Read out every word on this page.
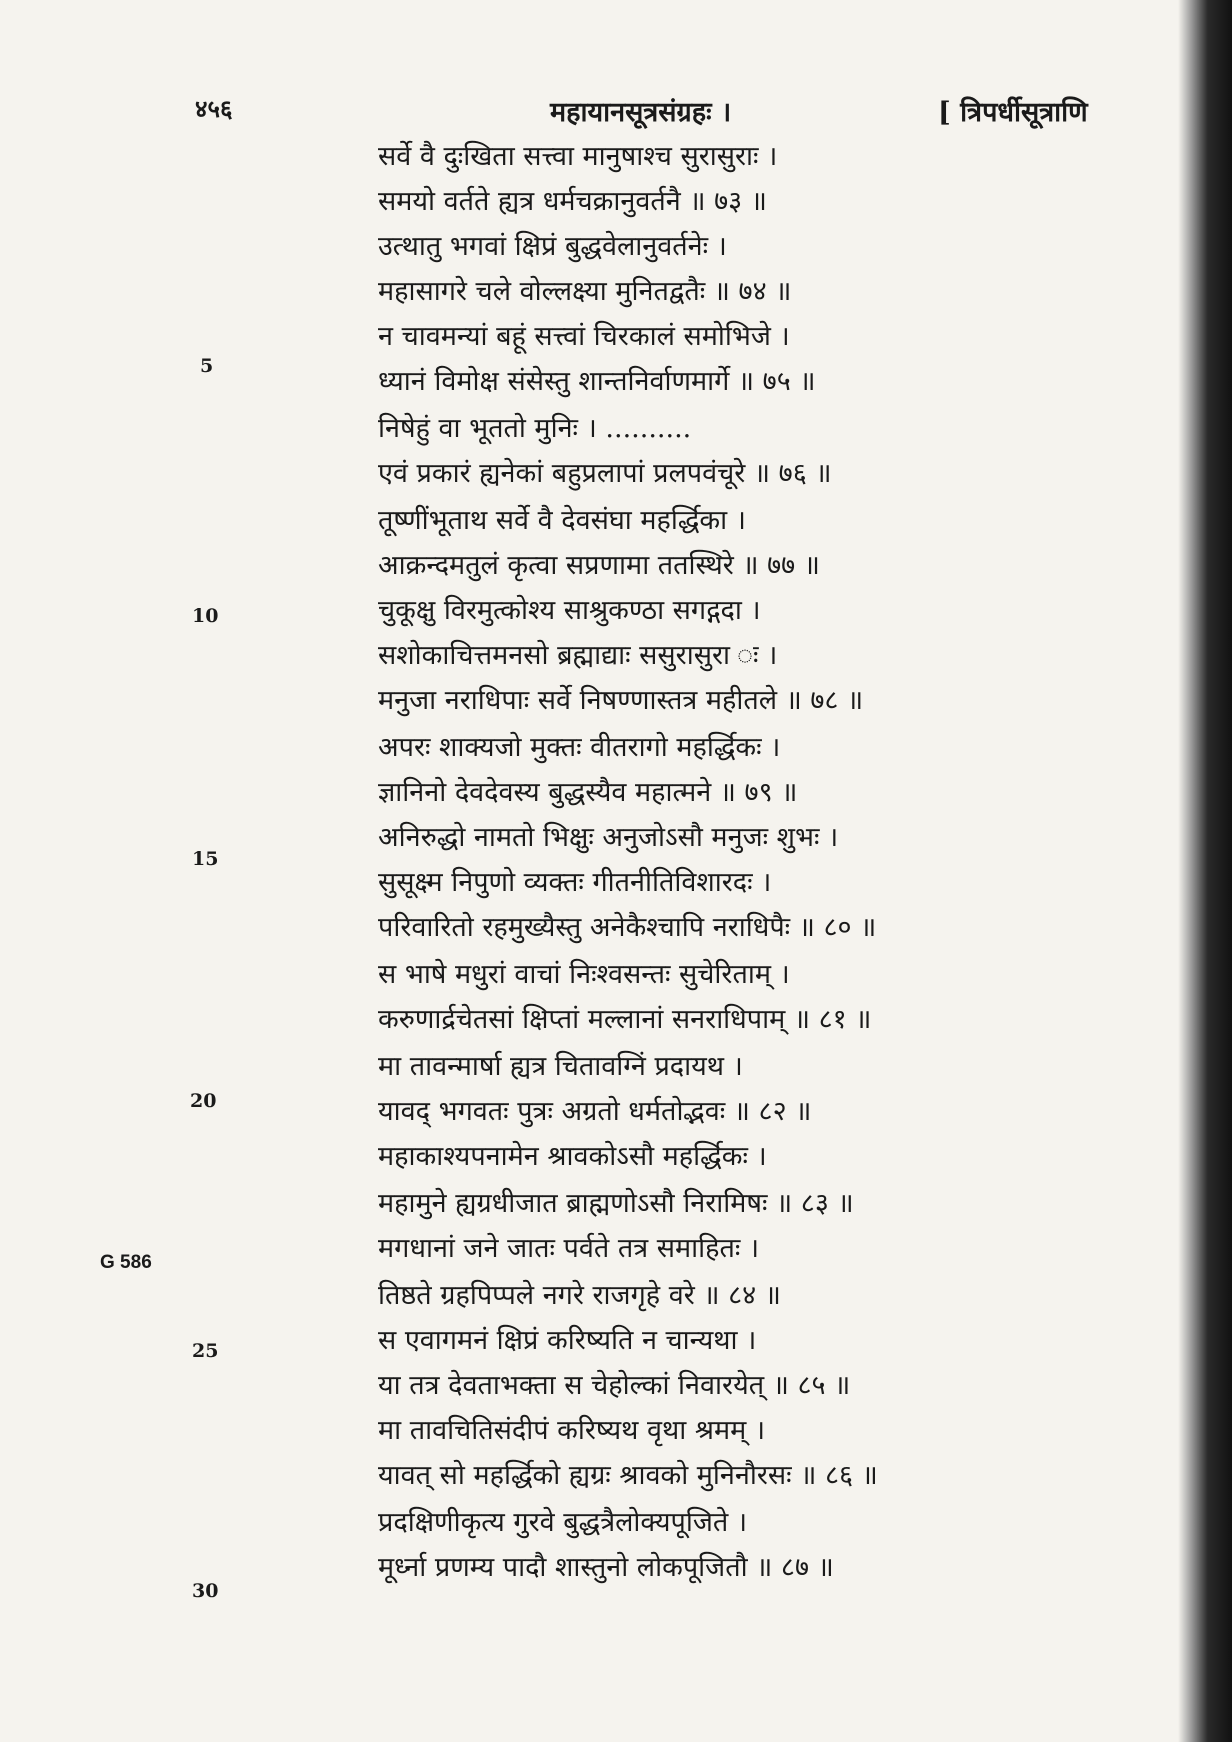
४५६	महायानसूत्रसंग्रहः ।	[ त्रिपर्धीसूत्राणि
सर्वे वै दुःखिता सत्त्वा मानुषाश्च सुरासुराः ।
समयो वर्तते ह्यत्र धर्मचक्रानुवर्तनै ॥ ७३ ॥
उत्थातु भगवां क्षिप्रं बुद्धवेलानुवर्तनेः ।
महासागरे चले वोल्लक्ष्या मुनितद्वतैः ॥ ७४ ॥
न चावमन्यां बहूं सत्त्वां चिरकालं समोभिजे ।
ध्यानं विमोक्ष संसेस्तु शान्तनिर्वाणमार्गे ॥ ७५ ॥
निषेहुं वा भूततो मुनिः । ..........
एवं प्रकारं ह्यनेकां बहुप्रलापां प्रलपवंचूरे ॥ ७६ ॥
तूष्णींभूताथ सर्वे वै देवसंघा महर्द्धिका ।
आक्रन्दमतुलं कृत्वा सप्रणामा ततस्थिरे ॥ ७७ ॥
चुकूक्षु विरमुत्कोश्य साश्रुकण्ठा सगद्गदा ।
सशोकाचित्तमनसो ब्रह्माद्याः ससुरासुरा ः ।
मनुजा नराधिपाः सर्वे निषण्णास्तत्र महीतले ॥ ७८ ॥
अपरः शाक्यजो मुक्तः वीतरागो महर्द्धिकः ।
ज्ञानिनो देवदेवस्य बुद्धस्यैव महात्मने ॥ ७९ ॥
अनिरुद्धो नामतो भिक्षुः अनुजोऽसौ मनुजः शुभः ।
सुसूक्ष्म निपुणो व्यक्तः गीतनीतिविशारदः ।
परिवारितो रहमुख्यैस्तु अनेकैश्चापि नराधिपैः ॥ ८० ॥
स भाषे मधुरां वाचां निःश्वसन्तः सुचेरिताम् ।
करुणार्द्रचेतसां क्षिप्तां मल्लानां सनराधिपाम् ॥ ८१ ॥
मा तावन्मार्षा ह्यत्र चितावग्निं प्रदायथ ।
यावद् भगवतः पुत्रः अग्रतो धर्मतोद्भवः ॥ ८२ ॥
महाकाश्यपनामेन श्रावकोऽसौ महर्द्धिकः ।
महामुने ह्यग्रधीजात ब्राह्मणोऽसौ निरामिषः ॥ ८३ ॥
मगधानां जने जातः पर्वते तत्र समाहितः ।
तिष्ठते ग्रहपिप्पले नगरे राजगृहे वरे ॥ ८४ ॥
स एवागमनं क्षिप्रं करिष्यति न चान्यथा ।
या तत्र देवताभक्ता स चेहोल्कां निवारयेत् ॥ ८५ ॥
मा तावचितिसंदीपं करिष्यथ वृथा श्रमम् ।
यावत् सो महर्द्धिको ह्यग्रः श्रावको मुनिनौरसः ॥ ८६ ॥
प्रदक्षिणीकृत्य गुरवे बुद्धत्रैलोक्यपूजिते ।
मूर्ध्ना प्रणम्य पादौ शास्तुनो लोकपूजितौ ॥ ८७ ॥
5
10
15
20
25
30
G 586
